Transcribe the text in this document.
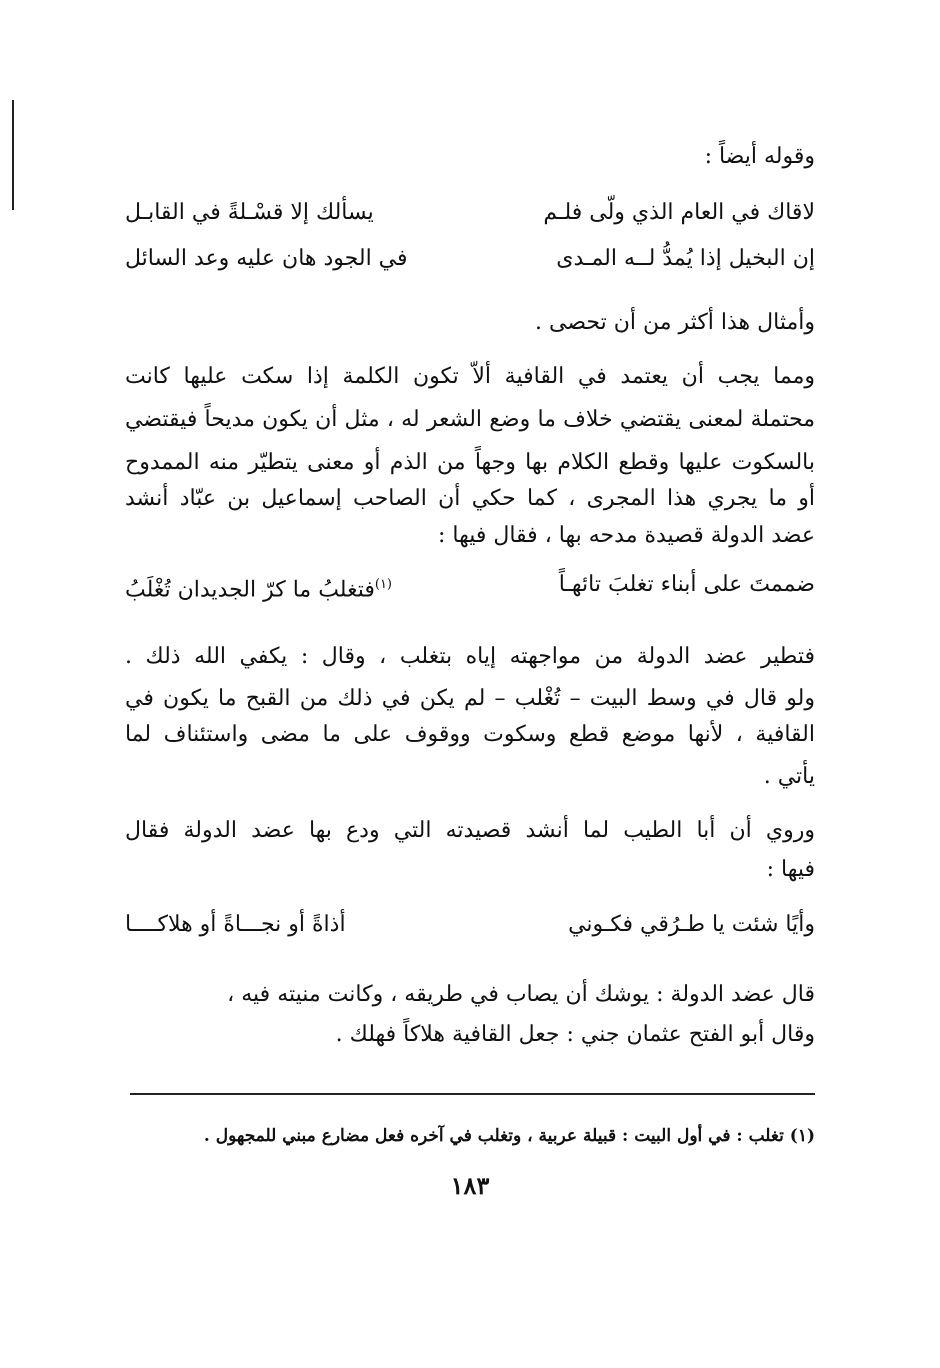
وقوله أيضاً :
لاقاك في العام الذي ولّى فلـم
يسألك إلا قسْـلةً في القابـل
إن البخيل إذا يُمدُّ لــه المـدى
في الجود هان عليه وعد السائل
وأمثال هذا أكثر من أن تحصى .
ومما يجب أن يعتمد في القافية ألاّ تكون الكلمة إذا سكت عليها كانت
محتملة لمعنى يقتضي خلاف ما وضع الشعر له ، مثل أن يكون مديحاً فيقتضي
بالسكوت عليها وقطع الكلام بها وجهاً من الذم أو معنى يتطيّر منه الممدوح
أو ما يجري هذا المجرى ، كما حكي أن الصاحب إسماعيل بن عبّاد أنشد
عضد الدولة قصيدة مدحه بها ، فقال فيها :
ضممتَ على أبناء تغلبَ تائهـاً
$^{(١)}$فتغلبُ ما كرّ الجديدان تُغْلَبُ
فتطير عضد الدولة من مواجهته إياه بتغلب ، وقال : يكفي الله ذلك .
ولو قال في وسط البيت – تُغْلب – لم يكن في ذلك من القبح ما يكون في
القافية ، لأنها موضع قطع وسكوت ووقوف على ما مضى واستئناف لما
يأتي .
وروي أن أبا الطيب لما أنشد قصيدته التي ودع بها عضد الدولة فقال
فيها :
وأيًا شئت يا طـرُقي فكـوني
أذاةً أو نجـــاةً أو هلاكــــا
قال عضد الدولة : يوشك أن يصاب في طريقه ، وكانت منيته فيه ،
وقال أبو الفتح عثمان جني : جعل القافية هلاكاً فهلك .
(١) تغلب : في أول البيت : قبيلة عربية ، وتغلب في آخره فعل مضارع مبني للمجهول .
١٨٣
